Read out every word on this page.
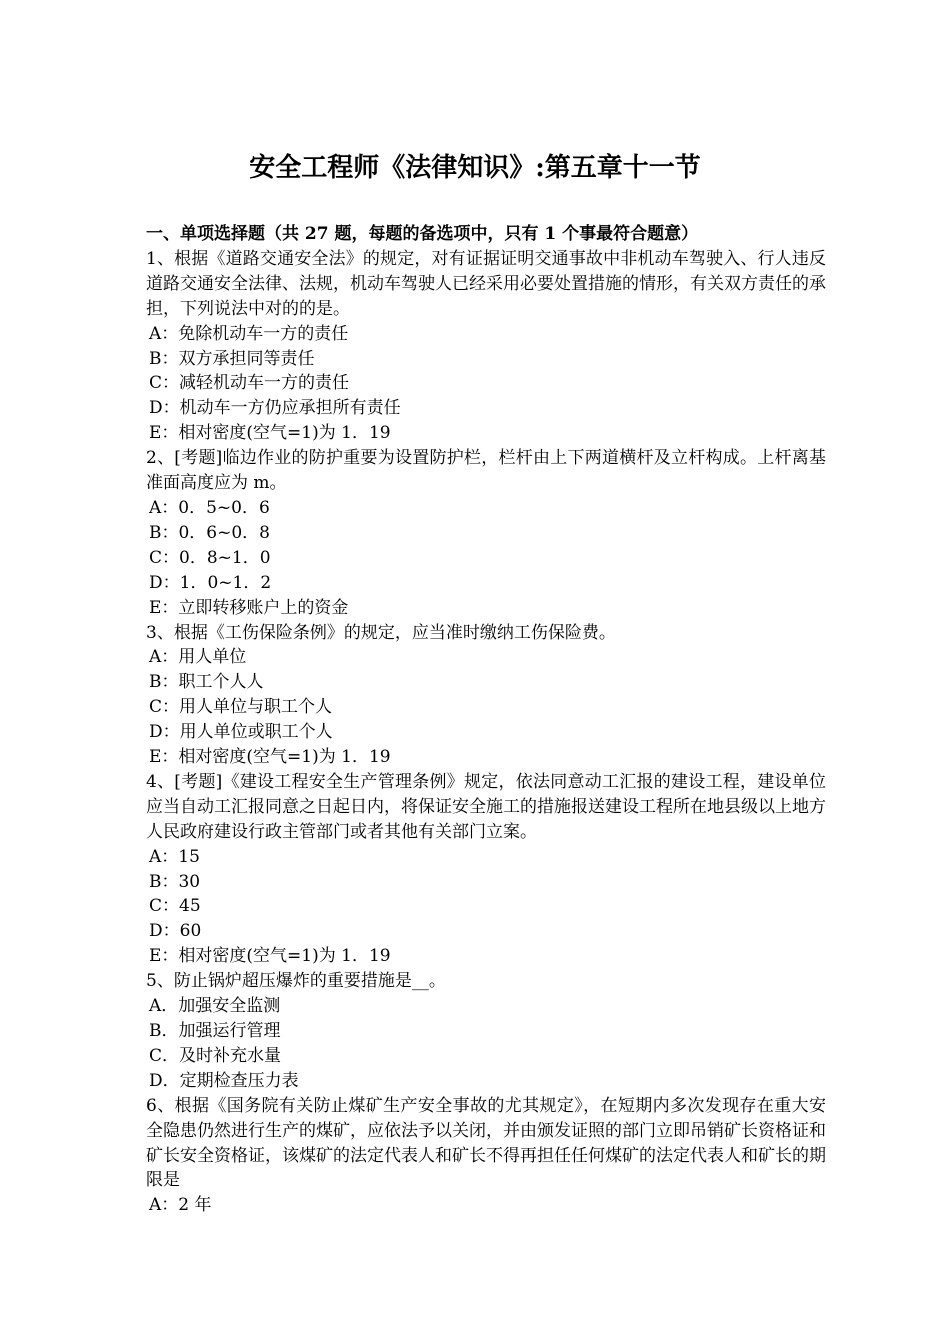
安全工程师《法律知识》:第五章十一节
一、单项选择题（共 27 题，每题的备选项中，只有 1 个事最符合题意）
1、根据《道路交通安全法》的规定，对有证据证明交通事故中非机动车驾驶入、行人违反道路交通安全法律、法规，机动车驾驶人已经采用必要处置措施的情形，有关双方责任的承担，下列说法中对的的是。
A：免除机动车一方的责任
B：双方承担同等责任
C：减轻机动车一方的责任
D：机动车一方仍应承担所有责任
E：相对密度(空气=1)为 1．19
2、[考题]临边作业的防护重要为设置防护栏，栏杆由上下两道横杆及立杆构成。上杆离基准面高度应为 m。
A：0．5~0．6
B：0．6~0．8
C：0．8~1．0
D：1．0~1．2
E：立即转移账户上的资金
3、根据《工伤保险条例》的规定，应当准时缴纳工伤保险费。
A：用人单位
B：职工个人人
C：用人单位与职工个人
D：用人单位或职工个人
E：相对密度(空气=1)为 1．19
4、[考题]《建设工程安全生产管理条例》规定，依法同意动工汇报的建设工程，建设单位应当自动工汇报同意之日起日内，将保证安全施工的措施报送建设工程所在地县级以上地方人民政府建设行政主管部门或者其他有关部门立案。
A：15
B：30
C：45
D：60
E：相对密度(空气=1)为 1．19
5、防止锅炉超压爆炸的重要措施是__。
A．加强安全监测
B．加强运行管理
C．及时补充水量
D．定期检查压力表
6、根据《国务院有关防止煤矿生产安全事故的尤其规定》，在短期内多次发现存在重大安全隐患仍然进行生产的煤矿，应依法予以关闭，并由颁发证照的部门立即吊销矿长资格证和矿长安全资格证，该煤矿的法定代表人和矿长不得再担任任何煤矿的法定代表人和矿长的期限是
A：2 年
